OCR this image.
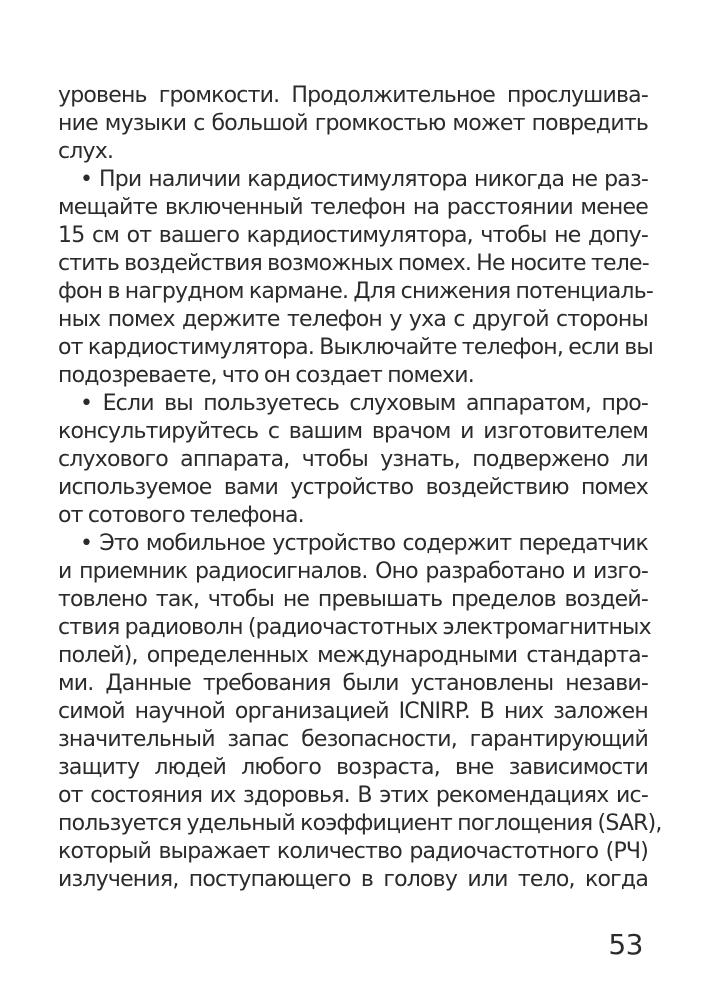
уровень громкости. Продолжительное прослушива-
ние музыки с большой громкостью может повредить
слух.

• При наличии кардиостимулятора никогда не раз-
мещайте включенный телефон на расстоянии менее
15 см от вашего кардиостимулятора, чтобы не допу-
стить воздействия возможных помех. Не носите теле-
фон в нагрудном кармане. Для снижения потенциаль-
ных помех держите телефон у уха с другой стороны
от кардиостимулятора. Выключайте телефон, если вы
подозреваете, что он создает помехи.

• Если вы пользуетесь слуховым аппаратом, про-
консультируйтесь с вашим врачом и изготовителем
слухового аппарата, чтобы узнать, подвержено ли
используемое вами устройство воздействию помех
от сотового телефона.

• Это мобильное устройство содержит передатчик
и приемник радиосигналов. Оно разработано и изго-
товлено так, чтобы не превышать пределов воздей-
ствия радиоволн (радиочастотных электромагнитных
полей), определенных международными стандарта-
ми. Данные требования были установлены незави-
симой научной организацией ICNIRP. В них заложен
значительный запас безопасности, гарантирующий
защиту людей любого возраста, вне зависимости
от состояния их здоровья. В этих рекомендациях ис-
пользуется удельный коэффициент поглощения (SAR),
который выражает количество радиочастотного (РЧ)
излучения, поступающего в голову или тело, когда

53
